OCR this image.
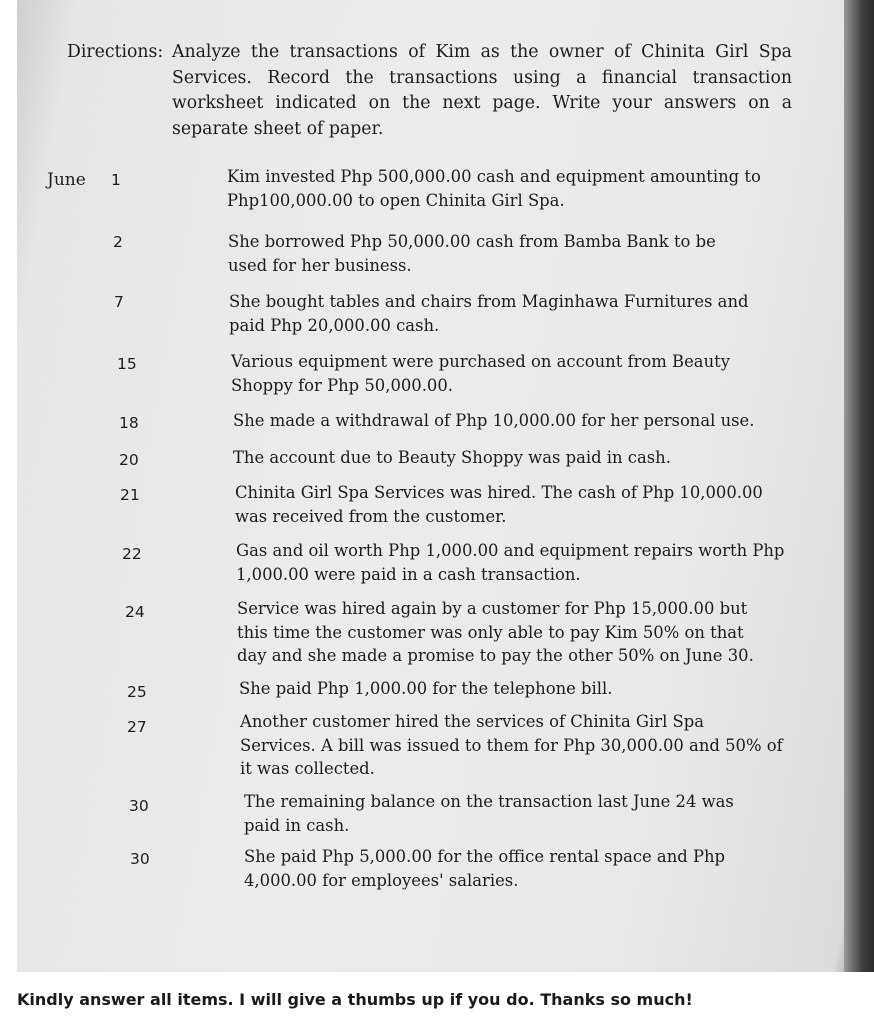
Directions: Analyze the transactions of Kim as the owner of Chinita Girl Spa Services. Record the transactions using a financial transaction worksheet indicated on the next page. Write your answers on a separate sheet of paper.
June 1	Kim invested Php 500,000.00 cash and equipment amounting to Php100,000.00 to open Chinita Girl Spa.
2	She borrowed Php 50,000.00 cash from Bamba Bank to be used for her business.
7	She bought tables and chairs from Maginhawa Furnitures and paid Php 20,000.00 cash.
15	Various equipment were purchased on account from Beauty Shoppy for Php 50,000.00.
18	She made a withdrawal of Php 10,000.00 for her personal use.
20	The account due to Beauty Shoppy was paid in cash.
21	Chinita Girl Spa Services was hired. The cash of Php 10,000.00 was received from the customer.
22	Gas and oil worth Php 1,000.00 and equipment repairs worth Php 1,000.00 were paid in a cash transaction.
24	Service was hired again by a customer for Php 15,000.00 but this time the customer was only able to pay Kim 50% on that day and she made a promise to pay the other 50% on June 30.
25	She paid Php 1,000.00 for the telephone bill.
27	Another customer hired the services of Chinita Girl Spa Services. A bill was issued to them for Php 30,000.00 and 50% of it was collected.
30	The remaining balance on the transaction last June 24 was paid in cash.
30	She paid Php 5,000.00 for the office rental space and Php 4,000.00 for employees' salaries.
Kindly answer all items. I will give a thumbs up if you do. Thanks so much!
